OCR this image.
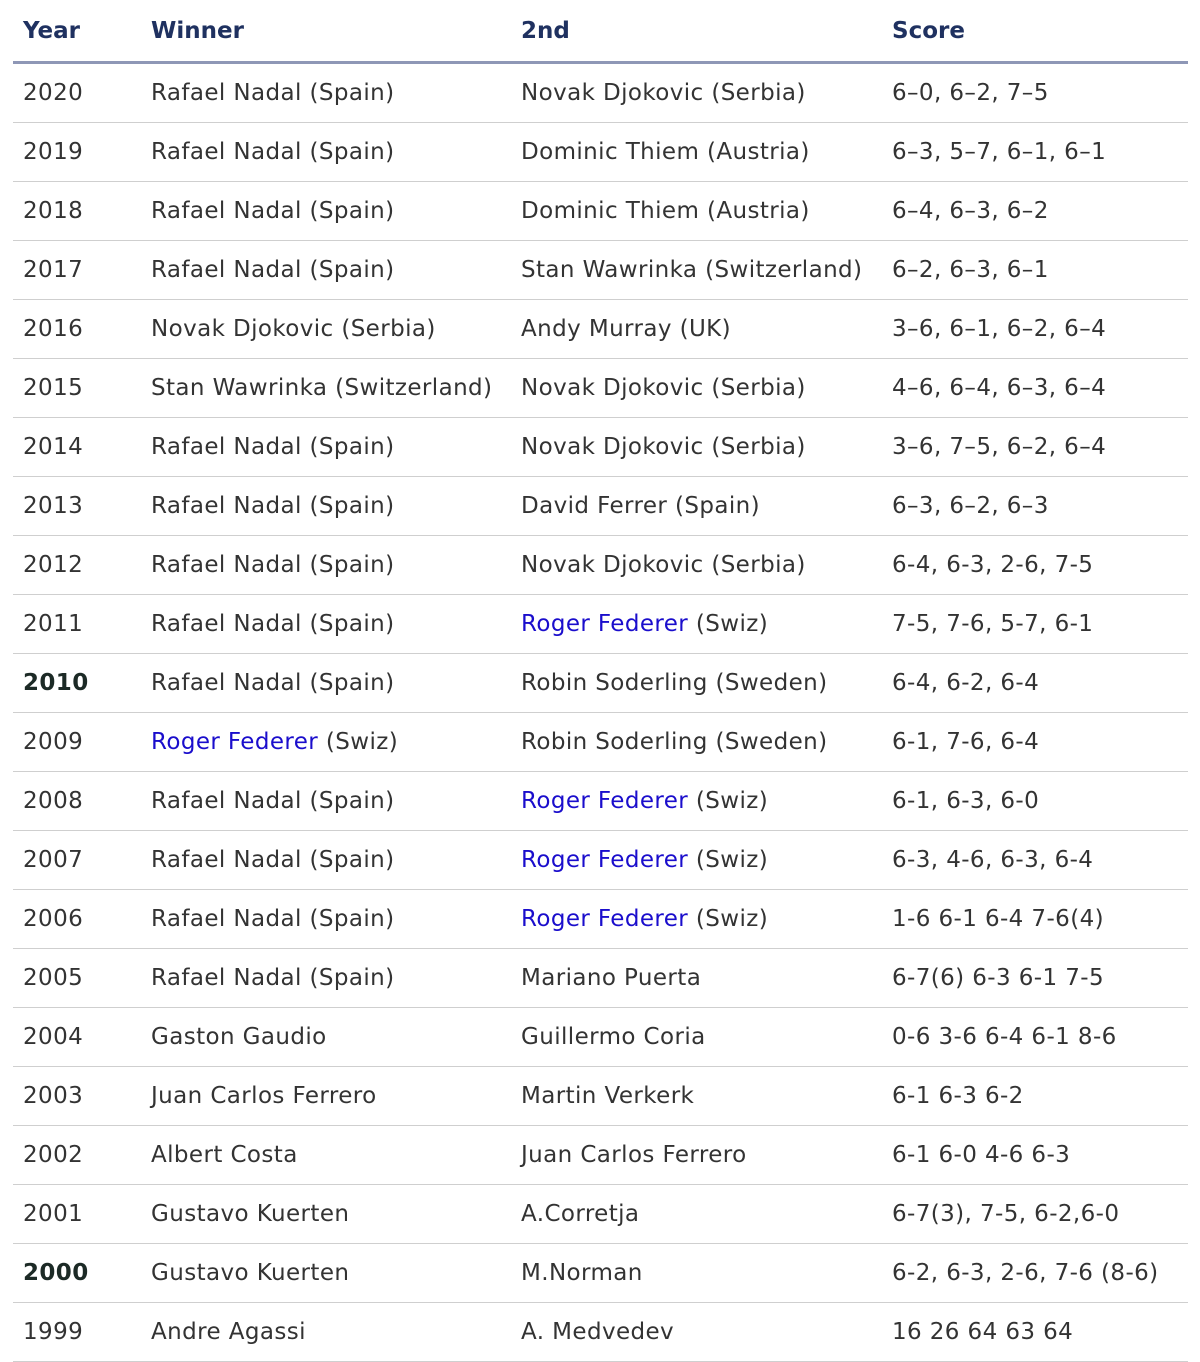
Year	Winner	2nd	Score
2020	Rafael Nadal (Spain)	Novak Djokovic (Serbia)	6–0, 6–2, 7–5
2019	Rafael Nadal (Spain)	Dominic Thiem (Austria)	6–3, 5–7, 6–1, 6–1
2018	Rafael Nadal (Spain)	Dominic Thiem (Austria)	6–4, 6–3, 6–2
2017	Rafael Nadal (Spain)	Stan Wawrinka (Switzerland)	6–2, 6–3, 6–1
2016	Novak Djokovic (Serbia)	Andy Murray (UK)	3–6, 6–1, 6–2, 6–4
2015	Stan Wawrinka (Switzerland)	Novak Djokovic (Serbia)	4–6, 6–4, 6–3, 6–4
2014	Rafael Nadal (Spain)	Novak Djokovic (Serbia)	3–6, 7–5, 6–2, 6–4
2013	Rafael Nadal (Spain)	David Ferrer (Spain)	6–3, 6–2, 6–3
2012	Rafael Nadal (Spain)	Novak Djokovic (Serbia)	6-4, 6-3, 2-6, 7-5
2011	Rafael Nadal (Spain)	Roger Federer (Swiz)	7-5, 7-6, 5-7, 6-1
2010	Rafael Nadal (Spain)	Robin Soderling (Sweden)	6-4, 6-2, 6-4
2009	Roger Federer (Swiz)	Robin Soderling (Sweden)	6-1, 7-6, 6-4
2008	Rafael Nadal (Spain)	Roger Federer (Swiz)	6-1, 6-3, 6-0
2007	Rafael Nadal (Spain)	Roger Federer (Swiz)	6-3, 4-6, 6-3, 6-4
2006	Rafael Nadal (Spain)	Roger Federer (Swiz)	1-6 6-1 6-4 7-6(4)
2005	Rafael Nadal (Spain)	Mariano Puerta	6-7(6) 6-3 6-1 7-5
2004	Gaston Gaudio	Guillermo Coria	0-6 3-6 6-4 6-1 8-6
2003	Juan Carlos Ferrero	Martin Verkerk	6-1 6-3 6-2
2002	Albert Costa	Juan Carlos Ferrero	6-1 6-0 4-6 6-3
2001	Gustavo Kuerten	A.Corretja	6-7(3), 7-5, 6-2,6-0
2000	Gustavo Kuerten	M.Norman	6-2, 6-3, 2-6, 7-6 (8-6)
1999	Andre Agassi	A. Medvedev	16 26 64 63 64
